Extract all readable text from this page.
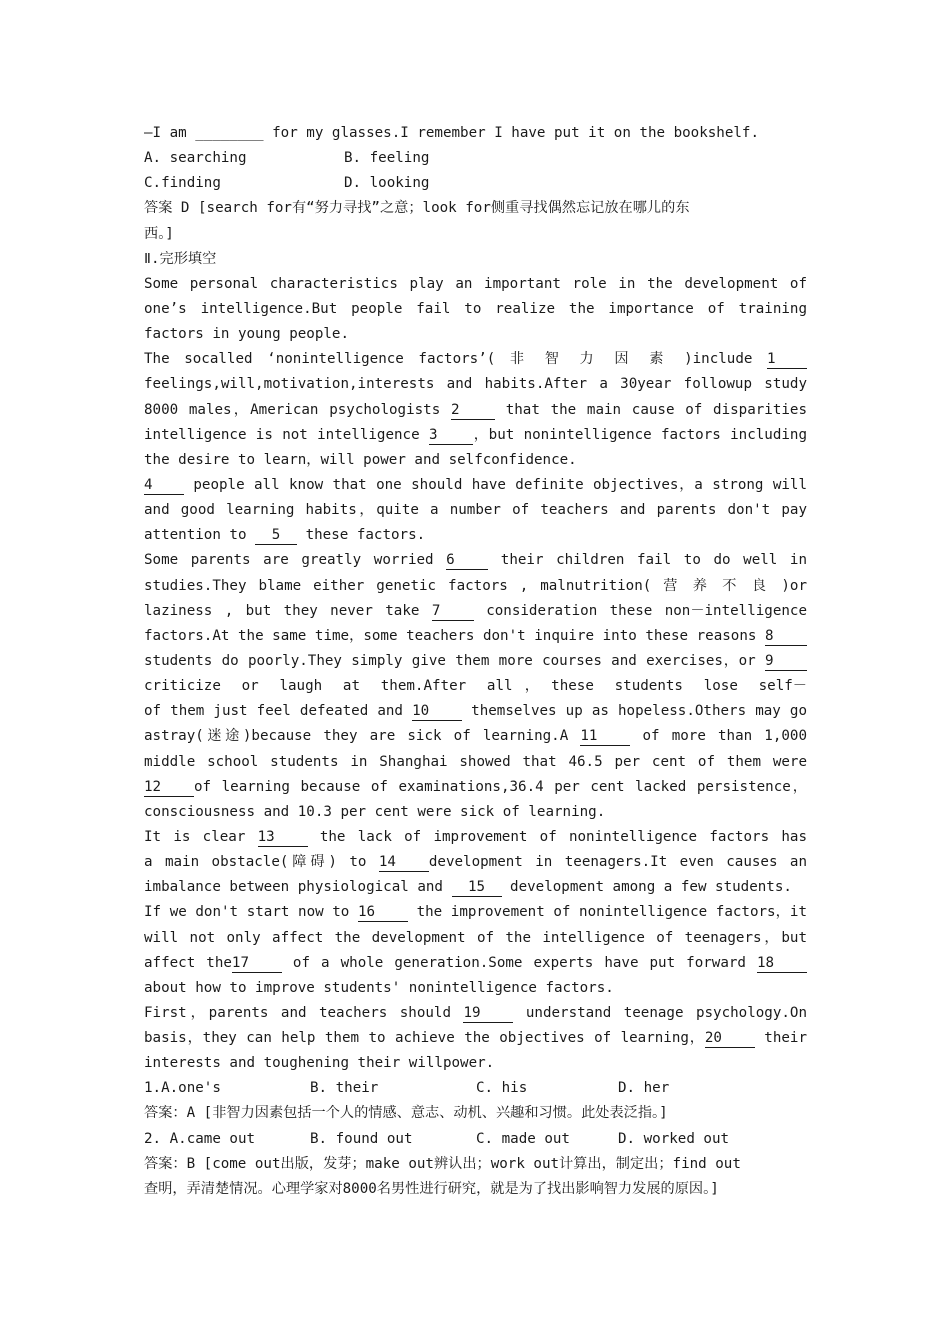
—I am ________ for my glasses.I remember I have put it on the bookshelf.
A. searching	B. feeling
C.finding	D. looking
答案 D [search for有“努力寻找”之意；look for侧重寻找偶然忘记放在哪儿的东
西。]
Ⅱ.完形填空
Some personal characteristics play an important role in the development of
one’s intelligence.But people fail to realize the importance of training
factors in young people.
The socalled ‘nonintelligence factors’( 非 智 力 因 素 )include 1
feelings,will,motivation,interests and habits.After a 30year followup study
8000 males，American psychologists 2	that the main cause of disparities
intelligence is not intelligence 3 ，but nonintelligence factors including
the desire to learn，will power and selfconfidence.
4 people all know that one should have definite objectives，a strong will
and good learning habits，quite a number of teachers and parents don't pay
attention to 5 these factors.
Some parents are greatly worried 6	their children fail to do well in
studies.They blame either genetic factors , malnutrition( 营 养 不 良 )or
laziness , but they never take 7 consideration these non－intelligence
factors.At the same time，some teachers don't inquire into these reasons 8
students do poorly.They simply give them more courses and exercises，or 9
criticize or laugh at them.After all，these students lose self－
of them just feel defeated and 10 themselves up as hopeless.Others may go
astray(迷途)because they are sick of learning.A 11 of more than 1,000
middle school students in Shanghai showed that 46.5 per cent of them were
12 of learning because of examinations,36.4 per cent lacked persistence，
consciousness and 10.3 per cent were sick of learning.
It is clear 13	the lack of improvement of nonintelligence factors has
a main obstacle(障碍) to 14 development in teenagers.It even causes an
imbalance between physiological and 15 development among a few students.
If we don't start now to 16 the improvement of nonintelligence factors，it
will not only affect the development of the intelligence of teenagers，but
affect the17 of a whole generation.Some experts have put forward 18
about how to improve students' nonintelligence factors.
First，parents and teachers should 19	understand teenage psychology.On
basis，they can help them to achieve the objectives of learning，20 their
interests and toughening their willpower.
1.A.one's	B. their	C. his	D. her
答案：A [非智力因素包括一个人的情感、意志、动机、兴趣和习惯。此处表泛指。]
2. A.came out	B. found out	C. made out	D. worked out
答案：B [come out出版，发芽；make out辨认出；work out计算出，制定出；find out
查明，弄清楚情况。心理学家对8000名男性进行研究，就是为了找出影响智力发展的原因。]
